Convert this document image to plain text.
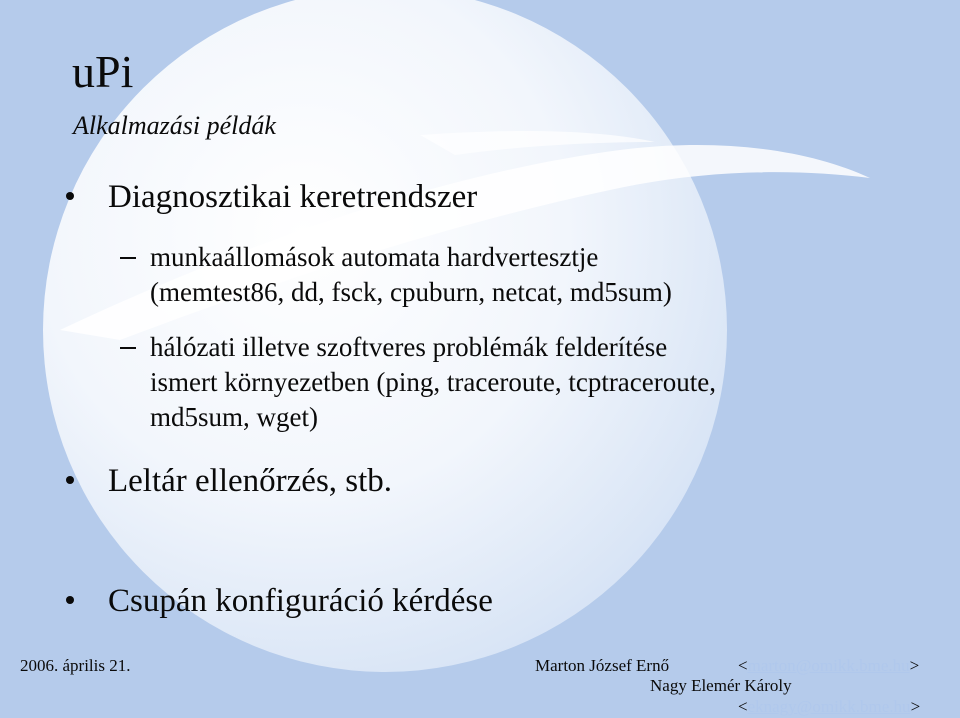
uPi
Alkalmazási példák
Diagnosztikai keretrendszer
munkaállomások automata hardvertesztje
(memtest86, dd, fsck, cpuburn, netcat, md5sum)
hálózati illetve szoftveres problémák felderítése
ismert környezetben (ping, traceroute, tcptraceroute,
md5sum, wget)
Leltár ellenőrzés, stb.
Csupán konfiguráció kérdése
2006. április 21.	Marton József Ernő	<marton@omikk.bme.hu>
Nagy Elemér Károly
<eknagy@omikk.bme.hu>
